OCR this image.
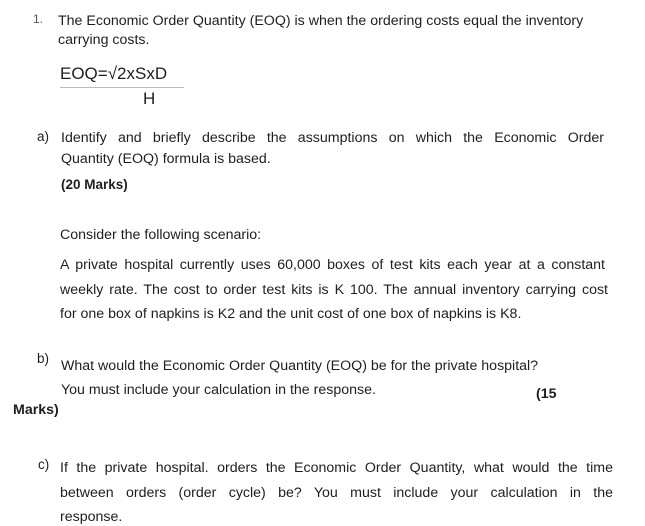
1. The Economic Order Quantity (EOQ) is when the ordering costs equal the inventory
carrying costs.
EOQ=√2xSxD
H
a) Identify and briefly describe the assumptions on which the Economic Order
Quantity (EOQ) formula is based.
(20 Marks)
Consider the following scenario:
A private hospital currently uses 60,000 boxes of test kits each year at a constant
weekly rate. The cost to order test kits is K 100. The annual inventory carrying cost
for one box of napkins is K2 and the unit cost of one box of napkins is K8.
b) What would the Economic Order Quantity (EOQ) be for the private hospital?
You must include your calculation in the response.	(15
Marks)
c) If the private hospital. orders the Economic Order Quantity, what would the time
between orders (order cycle) be? You must include your calculation in the
response.
